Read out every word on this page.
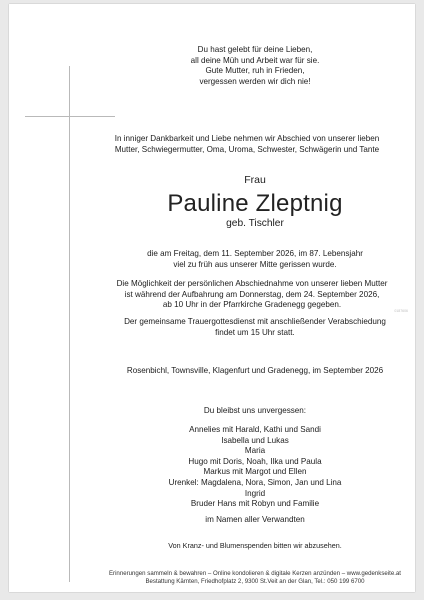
Du hast gelebt für deine Lieben,
all deine Müh und Arbeit war für sie.
Gute Mutter, ruh in Frieden,
vergessen werden wir dich nie!
In inniger Dankbarkeit und Liebe nehmen wir Abschied von unserer lieben
Mutter, Schwiegermutter, Oma, Uroma, Schwester, Schwägerin und Tante
Frau
Pauline Zleptnig
geb. Tischler
die am Freitag, dem 11. September 2026, im 87. Lebensjahr
viel zu früh aus unserer Mitte gerissen wurde.
Die Möglichkeit der persönlichen Abschiednahme von unserer lieben Mutter
ist während der Aufbahrung am Donnerstag, dem 24. September 2026,
ab 10 Uhr in der Pfarrkirche Gradenegg gegeben.
Der gemeinsame Trauergottesdienst mit anschließender Verabschiedung
findet um 15 Uhr statt.
Rosenbichl, Townsville, Klagenfurt und Gradenegg, im September 2026
Du bleibst uns unvergessen:
Annelies mit Harald, Kathi und Sandi
Isabella und Lukas
Maria
Hugo mit Doris, Noah, Ilka und Paula
Markus mit Margot und Ellen
Urenkel: Magdalena, Nora, Simon, Jan und Lina
Ingrid
Bruder Hans mit Robyn und Familie
im Namen aller Verwandten
Von Kranz- und Blumenspenden bitten wir abzusehen.
Erinnerungen sammeln & bewahren – Online kondolieren & digitale Kerzen anzünden – www.gedenkseite.at
Bestattung Kärnten, Friedhofplatz 2, 9300 St.Veit an der Glan, Tel.: 050 199 6700
0187606
